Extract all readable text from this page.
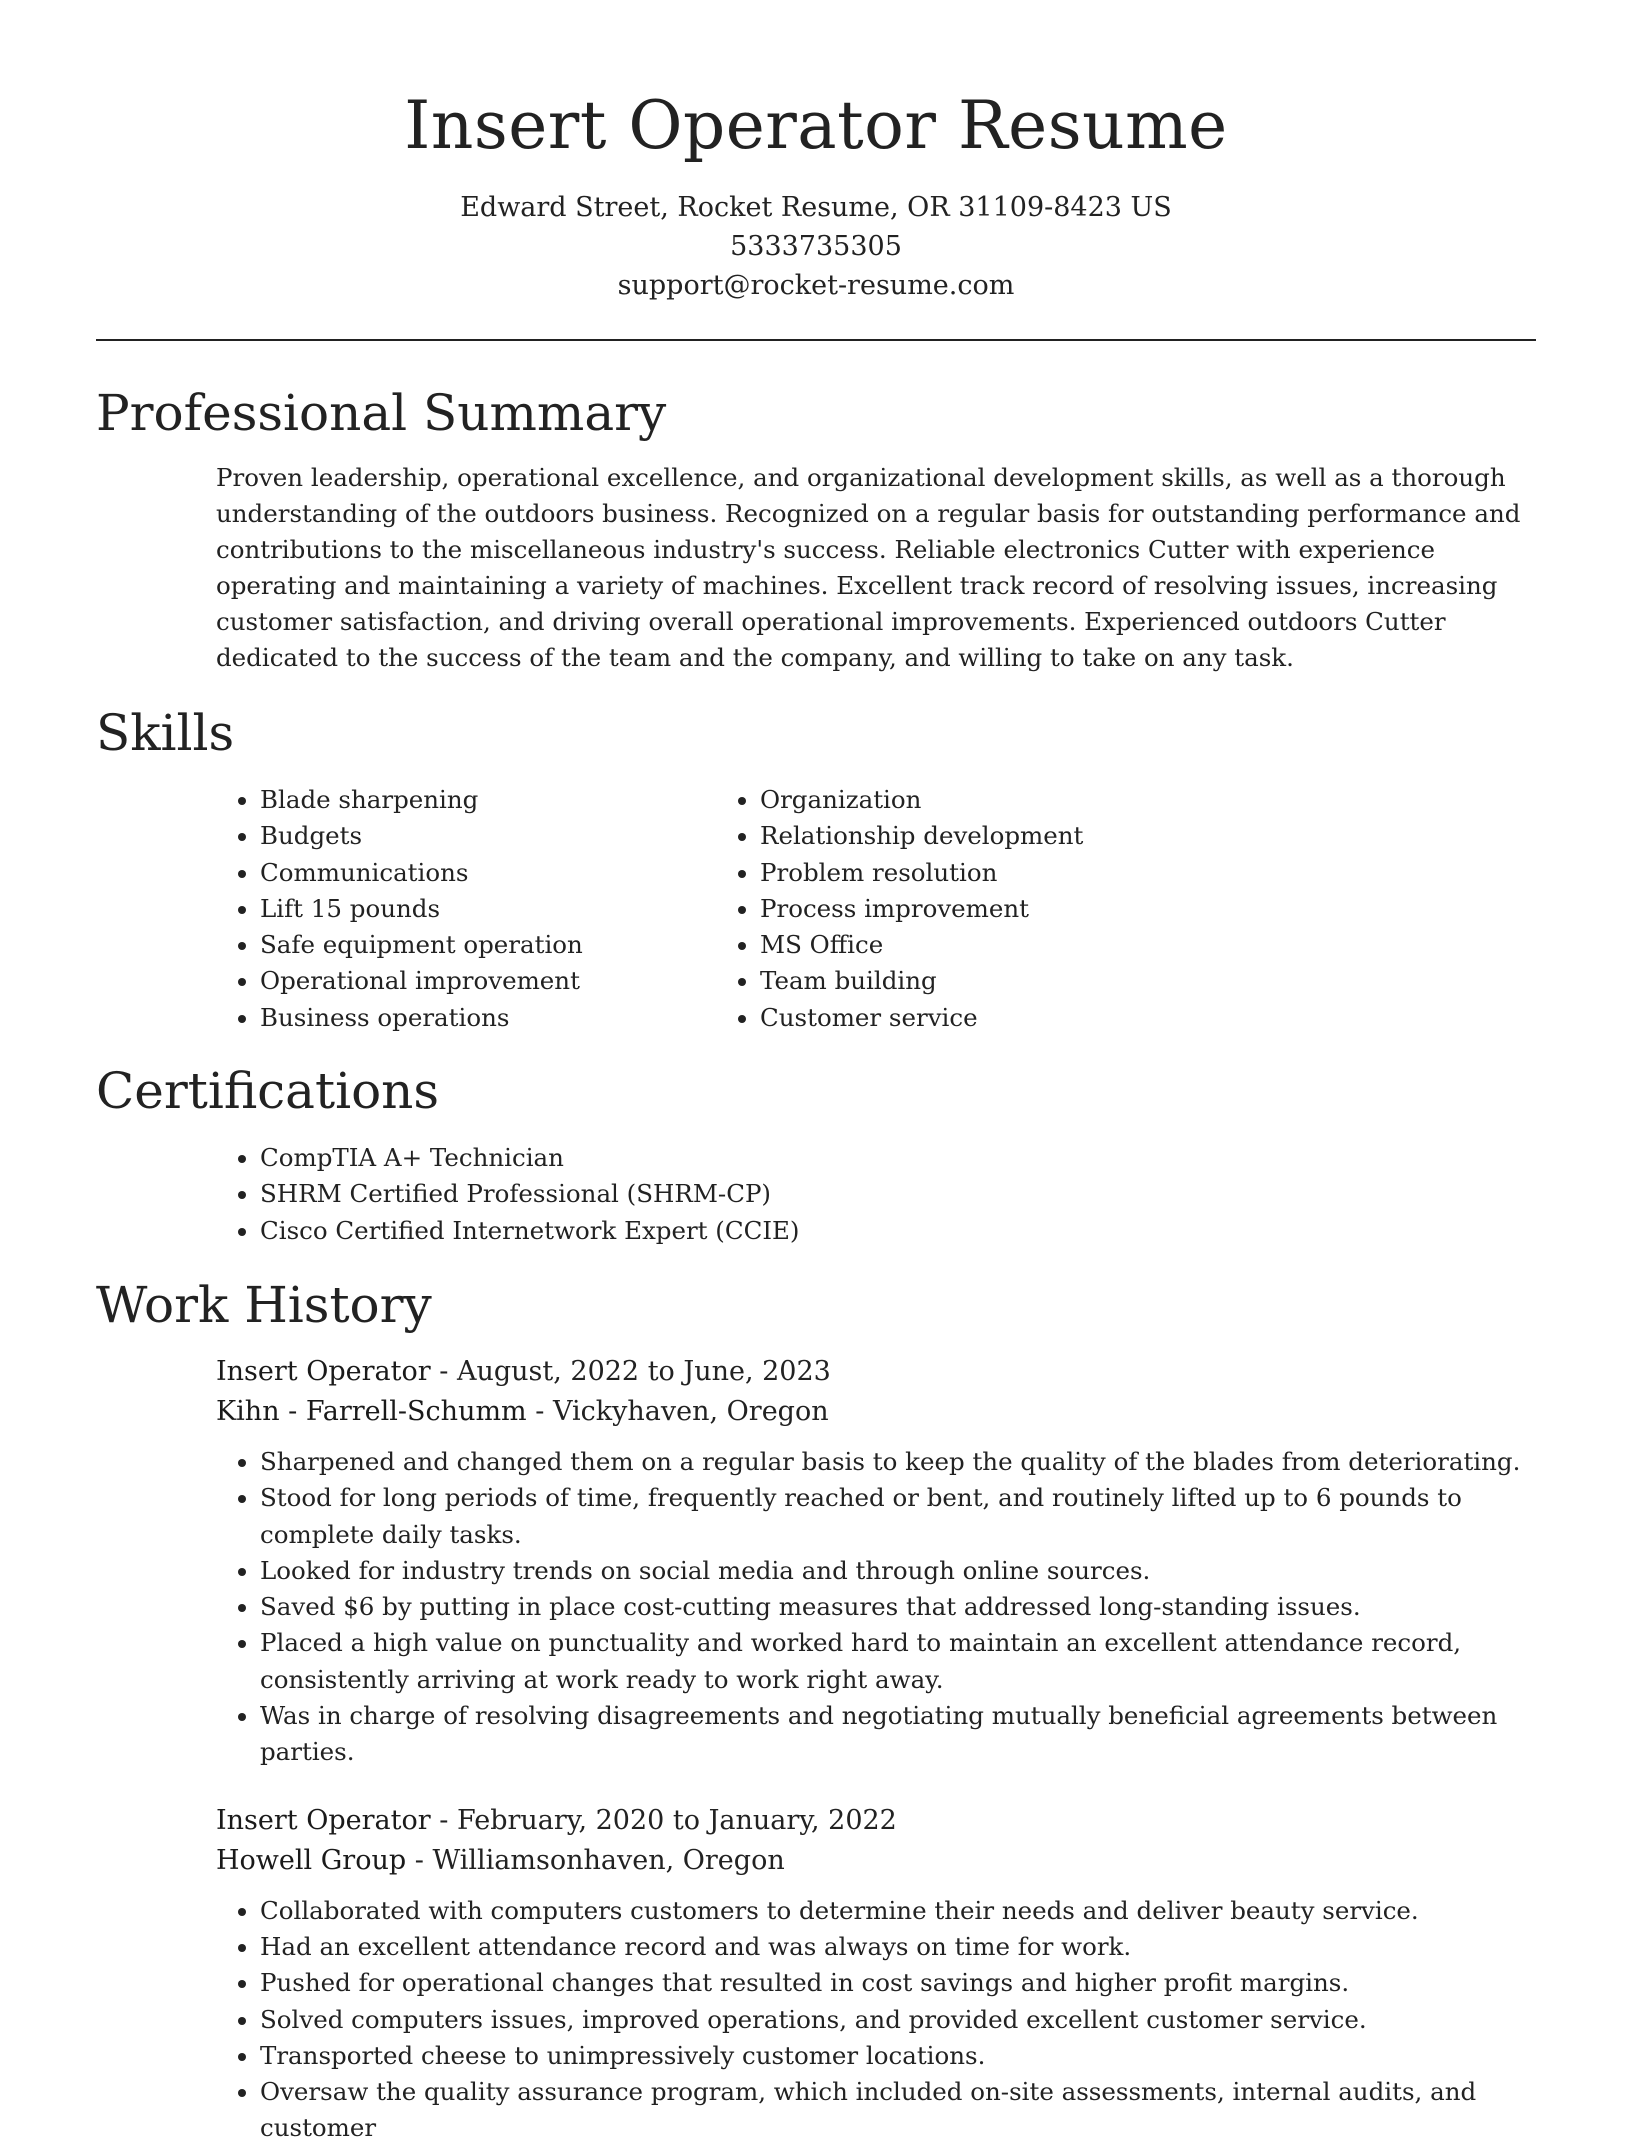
Insert Operator Resume
Edward Street, Rocket Resume, OR 31109-8423 US
5333735305
support@rocket-resume.com
Professional Summary
Proven leadership, operational excellence, and organizational development skills, as well as a thorough understanding of the outdoors business. Recognized on a regular basis for outstanding performance and contributions to the miscellaneous industry's success. Reliable electronics Cutter with experience operating and maintaining a variety of machines. Excellent track record of resolving issues, increasing customer satisfaction, and driving overall operational improvements. Experienced outdoors Cutter dedicated to the success of the team and the company, and willing to take on any task.
Skills
• Blade sharpening
• Budgets
• Communications
• Lift 15 pounds
• Safe equipment operation
• Operational improvement
• Business operations
• Organization
• Relationship development
• Problem resolution
• Process improvement
• MS Office
• Team building
• Customer service
Certifications
• CompTIA A+ Technician
• SHRM Certified Professional (SHRM-CP)
• Cisco Certified Internetwork Expert (CCIE)
Work History
Insert Operator - August, 2022 to June, 2023
Kihn - Farrell-Schumm - Vickyhaven, Oregon
• Sharpened and changed them on a regular basis to keep the quality of the blades from deteriorating.
• Stood for long periods of time, frequently reached or bent, and routinely lifted up to 6 pounds to complete daily tasks.
• Looked for industry trends on social media and through online sources.
• Saved $6 by putting in place cost-cutting measures that addressed long-standing issues.
• Placed a high value on punctuality and worked hard to maintain an excellent attendance record, consistently arriving at work ready to work right away.
• Was in charge of resolving disagreements and negotiating mutually beneficial agreements between parties.
Insert Operator - February, 2020 to January, 2022
Howell Group - Williamsonhaven, Oregon
• Collaborated with computers customers to determine their needs and deliver beauty service.
• Had an excellent attendance record and was always on time for work.
• Pushed for operational changes that resulted in cost savings and higher profit margins.
• Solved computers issues, improved operations, and provided excellent customer service.
• Transported cheese to unimpressively customer locations.
• Oversaw the quality assurance program, which included on-site assessments, internal audits, and customer
